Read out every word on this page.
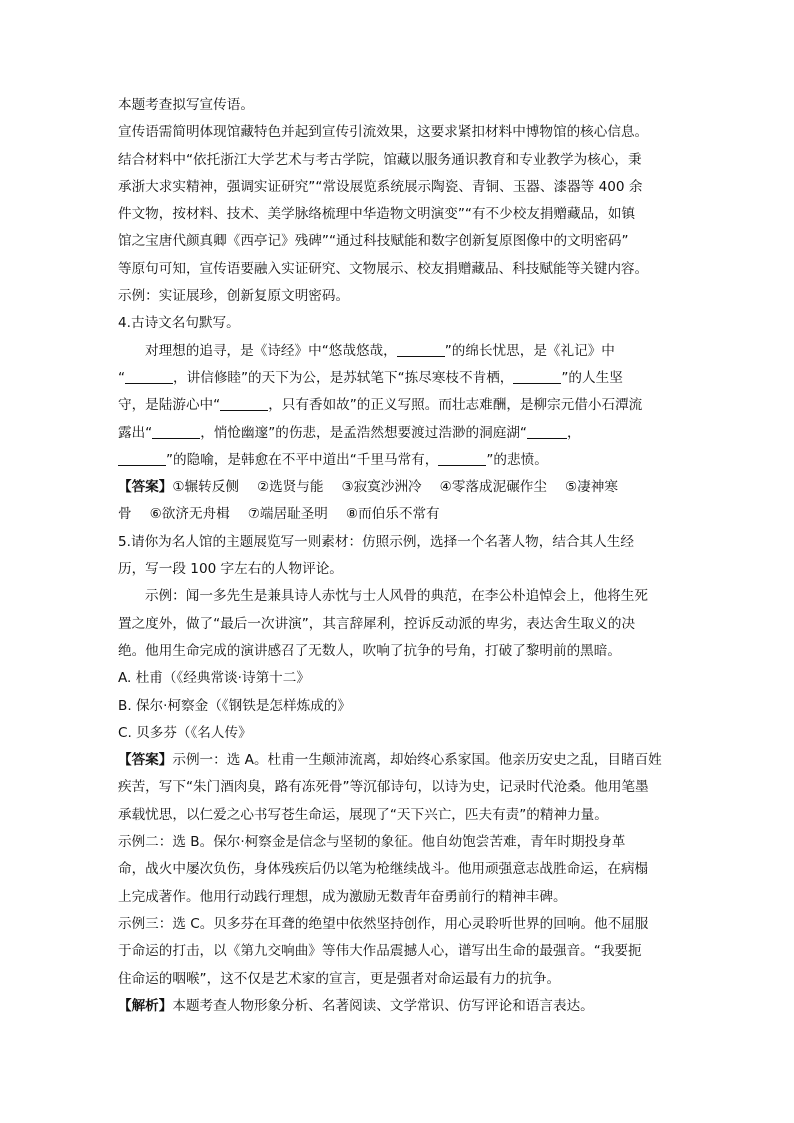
本题考查拟写宣传语。
宣传语需简明体现馆藏特色并起到宣传引流效果，这要求紧扣材料中博物馆的核心信息。
结合材料中“依托浙江大学艺术与考古学院，馆藏以服务通识教育和专业教学为核心，秉
承浙大求实精神，强调实证研究”“常设展览系统展示陶瓷、青铜、玉器、漆器等 400 余
件文物，按材料、技术、美学脉络梳理中华造物文明演变”“有不少校友捐赠藏品，如镇
馆之宝唐代颜真卿《西亭记》残碑”“通过科技赋能和数字创新复原图像中的文明密码”
等原句可知，宣传语要融入实证研究、文物展示、校友捐赠藏品、科技赋能等关键内容。
示例：实证展珍，创新复原文明密码。
4.古诗文名句默写。
对理想的追寻，是《诗经》中“悠哉悠哉，	”的绵长忧思，是《礼记》中
“	，讲信修睦”的天下为公，是苏轼笔下“拣尽寒枝不肯栖，	”的人生坚
守，是陆游心中“	，只有香如故”的正义写照。而壮志难酬，是柳宗元借小石潭流
露出“	，悄怆幽邃”的伤悲，是孟浩然想要渡过浩渺的洞庭湖“	，
”的隐喻，是韩愈在不平中道出“千里马常有，	”的悲愤。
【答案】①辗转反侧 ②选贤与能 ③寂寞沙洲冷 ④零落成泥碾作尘 ⑤凄神寒
骨 ⑥欲济无舟楫 ⑦端居耻圣明 ⑧而伯乐不常有
5.请你为名人馆的主题展览写一则素材：仿照示例，选择一个名著人物，结合其人生经
历，写一段 100 字左右的人物评论。
示例：闻一多先生是兼具诗人赤忱与士人风骨的典范，在李公朴追悼会上，他将生死
置之度外，做了“最后一次讲演”，其言辞犀利，控诉反动派的卑劣，表达舍生取义的决
绝。他用生命完成的演讲感召了无数人，吹响了抗争的号角，打破了黎明前的黑暗。
A. 杜甫（《经典常谈·诗第十二》
B. 保尔·柯察金（《钢铁是怎样炼成的》
C. 贝多芬（《名人传》
【答案】示例一：选 A。杜甫一生颠沛流离，却始终心系家国。他亲历安史之乱，目睹百姓
疾苦，写下“朱门酒肉臭，路有冻死骨”等沉郁诗句，以诗为史，记录时代沧桑。他用笔墨
承载忧思，以仁爱之心书写苍生命运，展现了“天下兴亡，匹夫有责”的精神力量。
示例二：选 B。保尔·柯察金是信念与坚韧的象征。他自幼饱尝苦难，青年时期投身革
命，战火中屡次负伤，身体残疾后仍以笔为枪继续战斗。他用顽强意志战胜命运，在病榻
上完成著作。他用行动践行理想，成为激励无数青年奋勇前行的精神丰碑。
示例三：选 C。贝多芬在耳聋的绝望中依然坚持创作，用心灵聆听世界的回响。他不屈服
于命运的打击，以《第九交响曲》等伟大作品震撼人心，谱写出生命的最强音。“我要扼
住命运的咽喉”，这不仅是艺术家的宣言，更是强者对命运最有力的抗争。
【解析】本题考查人物形象分析、名著阅读、文学常识、仿写评论和语言表达。
